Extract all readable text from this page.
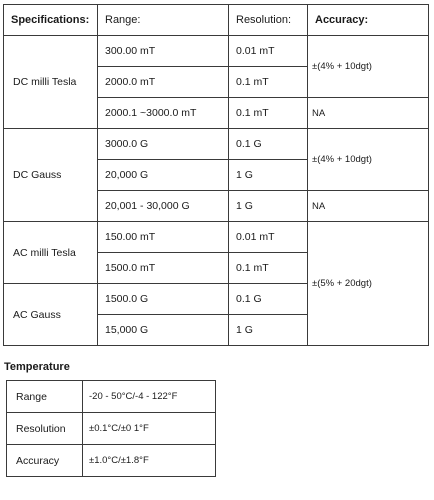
Specifications:	Range:	Resolution:	Accuracy:
DC milli Tesla	300.00 mT	0.01 mT	±(4% + 10dgt)
	2000.0 mT	0.1 mT	
	2000.1 ~3000.0 mT	0.1 mT	NA
DC Gauss	3000.0 G	0.1 G	±(4% + 10dgt)
	20,000 G	1 G	
	20,001 - 30,000 G	1 G	NA
AC milli Tesla	150.00 mT	0.01 mT	±(5% + 20dgt)
	1500.0 mT	0.1 mT	
AC Gauss	1500.0 G	0.1 G	
	15,000 G	1 G	
Temperature
Range	-20 - 50°C/-4 - 122°F
Resolution	±0.1°C/±0 1°F
Accuracy	±1.0°C/±1.8°F
